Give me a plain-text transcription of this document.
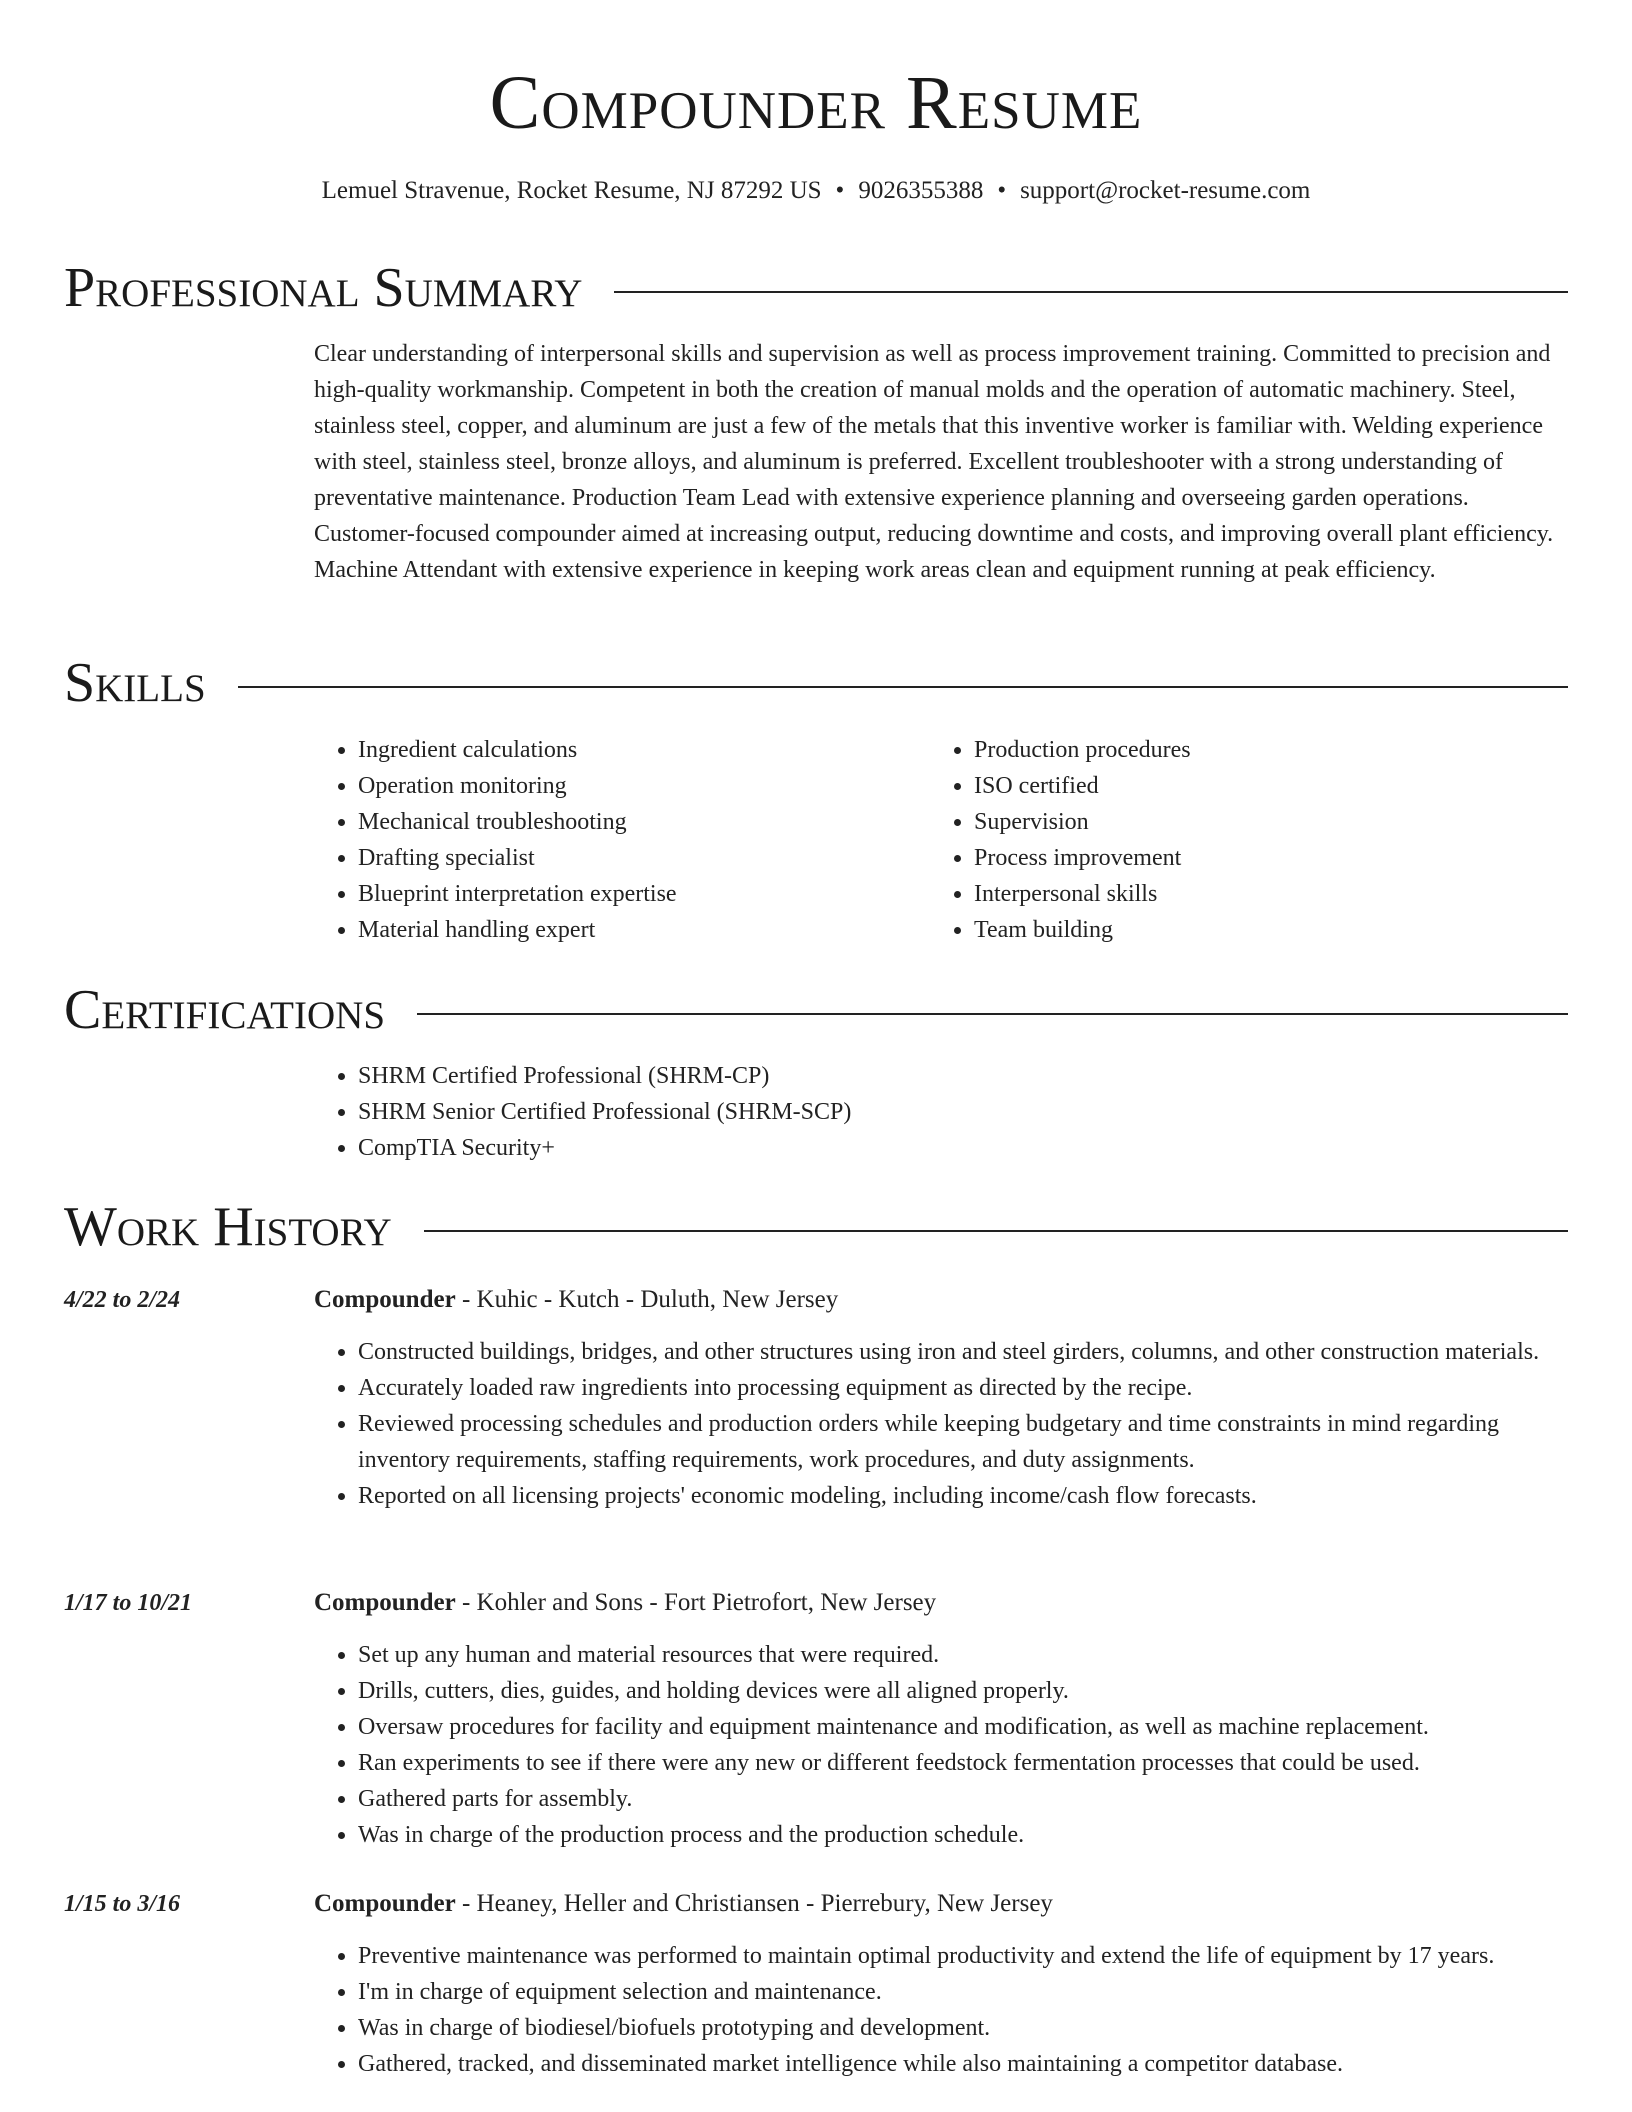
Compounder Resume
Lemuel Stravenue, Rocket Resume, NJ 87292 US • 9026355388 • support@rocket-resume.com
Professional Summary

Clear understanding of interpersonal skills and supervision as well as process improvement training. Committed to precision and high-quality workmanship. Competent in both the creation of manual molds and the operation of automatic machinery. Steel, stainless steel, copper, and aluminum are just a few of the metals that this inventive worker is familiar with. Welding experience with steel, stainless steel, bronze alloys, and aluminum is preferred. Excellent troubleshooter with a strong understanding of preventative maintenance. Production Team Lead with extensive experience planning and overseeing garden operations. Customer-focused compounder aimed at increasing output, reducing downtime and costs, and improving overall plant efficiency. Machine Attendant with extensive experience in keeping work areas clean and equipment running at peak efficiency.

Skills
• Ingredient calculations
• Operation monitoring
• Mechanical troubleshooting
• Drafting specialist
• Blueprint interpretation expertise
• Material handling expert
• Production procedures
• ISO certified
• Supervision
• Process improvement
• Interpersonal skills
• Team building
Certifications
• SHRM Certified Professional (SHRM-CP)
• SHRM Senior Certified Professional (SHRM-SCP)
• CompTIA Security+
Work History
4/22 to 2/24	Compounder - Kuhic - Kutch - Duluth, New Jersey
• Constructed buildings, bridges, and other structures using iron and steel girders, columns, and other construction materials.
• Accurately loaded raw ingredients into processing equipment as directed by the recipe.
• Reviewed processing schedules and production orders while keeping budgetary and time constraints in mind regarding inventory requirements, staffing requirements, work procedures, and duty assignments.
• Reported on all licensing projects' economic modeling, including income/cash flow forecasts.
1/17 to 10/21	Compounder - Kohler and Sons - Fort Pietrofort, New Jersey
• Set up any human and material resources that were required.
• Drills, cutters, dies, guides, and holding devices were all aligned properly.
• Oversaw procedures for facility and equipment maintenance and modification, as well as machine replacement.
• Ran experiments to see if there were any new or different feedstock fermentation processes that could be used.
• Gathered parts for assembly.
• Was in charge of the production process and the production schedule.
1/15 to 3/16	Compounder - Heaney, Heller and Christiansen - Pierrebury, New Jersey
• Preventive maintenance was performed to maintain optimal productivity and extend the life of equipment by 17 years.
• I'm in charge of equipment selection and maintenance.
• Was in charge of biodiesel/biofuels prototyping and development.
• Gathered, tracked, and disseminated market intelligence while also maintaining a competitor database.
